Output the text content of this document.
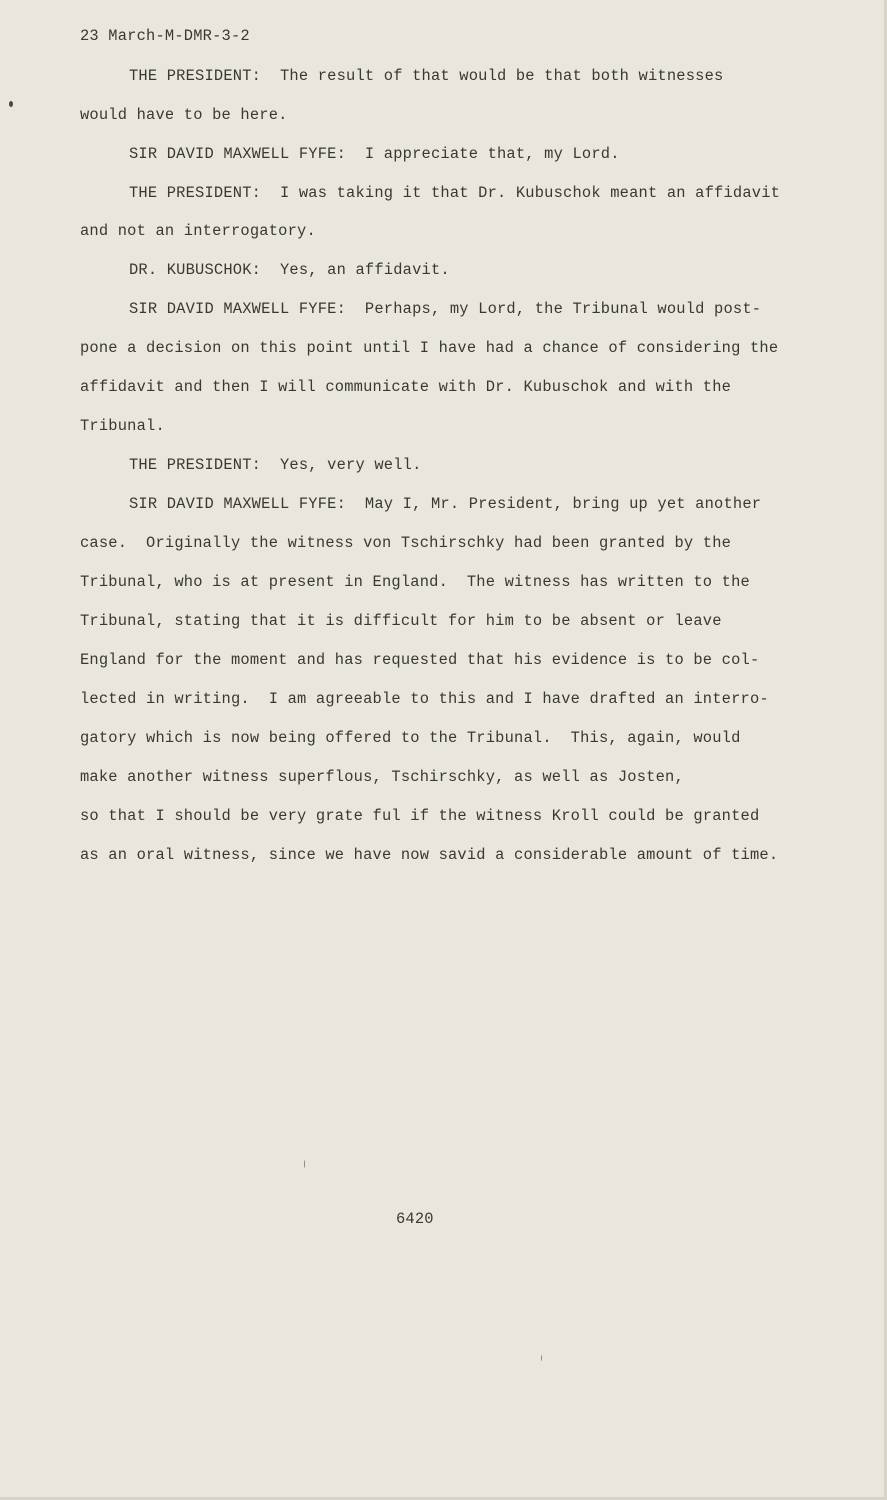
23 March-M-DMR-3-2
THE PRESIDENT:  The result of that would be that both witnesses
would have to be here.
SIR DAVID MAXWELL FYFE:  I appreciate that, my Lord.
THE PRESIDENT:  I was taking it that Dr. Kubuschok meant an affidavit
and not an interrogatory.
DR. KUBUSCHOK:  Yes, an affidavit.
SIR DAVID MAXWELL FYFE:  Perhaps, my Lord, the Tribunal would post-
pone a decision on this point until I have had a chance of considering the
affidavit and then I will communicate with Dr. Kubuschok and with the
Tribunal.
THE PRESIDENT:  Yes, very well.
SIR DAVID MAXWELL FYFE:  May I, Mr. President, bring up yet another
case.  Originally the witness von Tschirschky had been granted by the
Tribunal, who is at present in England.  The witness has written to the
Tribunal, stating that it is difficult for him to be absent or leave
England for the moment and has requested that his evidence is to be col-
lected in writing.  I am agreeable to this and I have drafted an interro-
gatory which is now being offered to the Tribunal.  This, again, would
make another witness superflous, Tschirschky, as well as Josten,
so that I should be very grate ful if the witness Kroll could be granted
as an oral witness, since we have now savid a considerable amount of time.
6420
